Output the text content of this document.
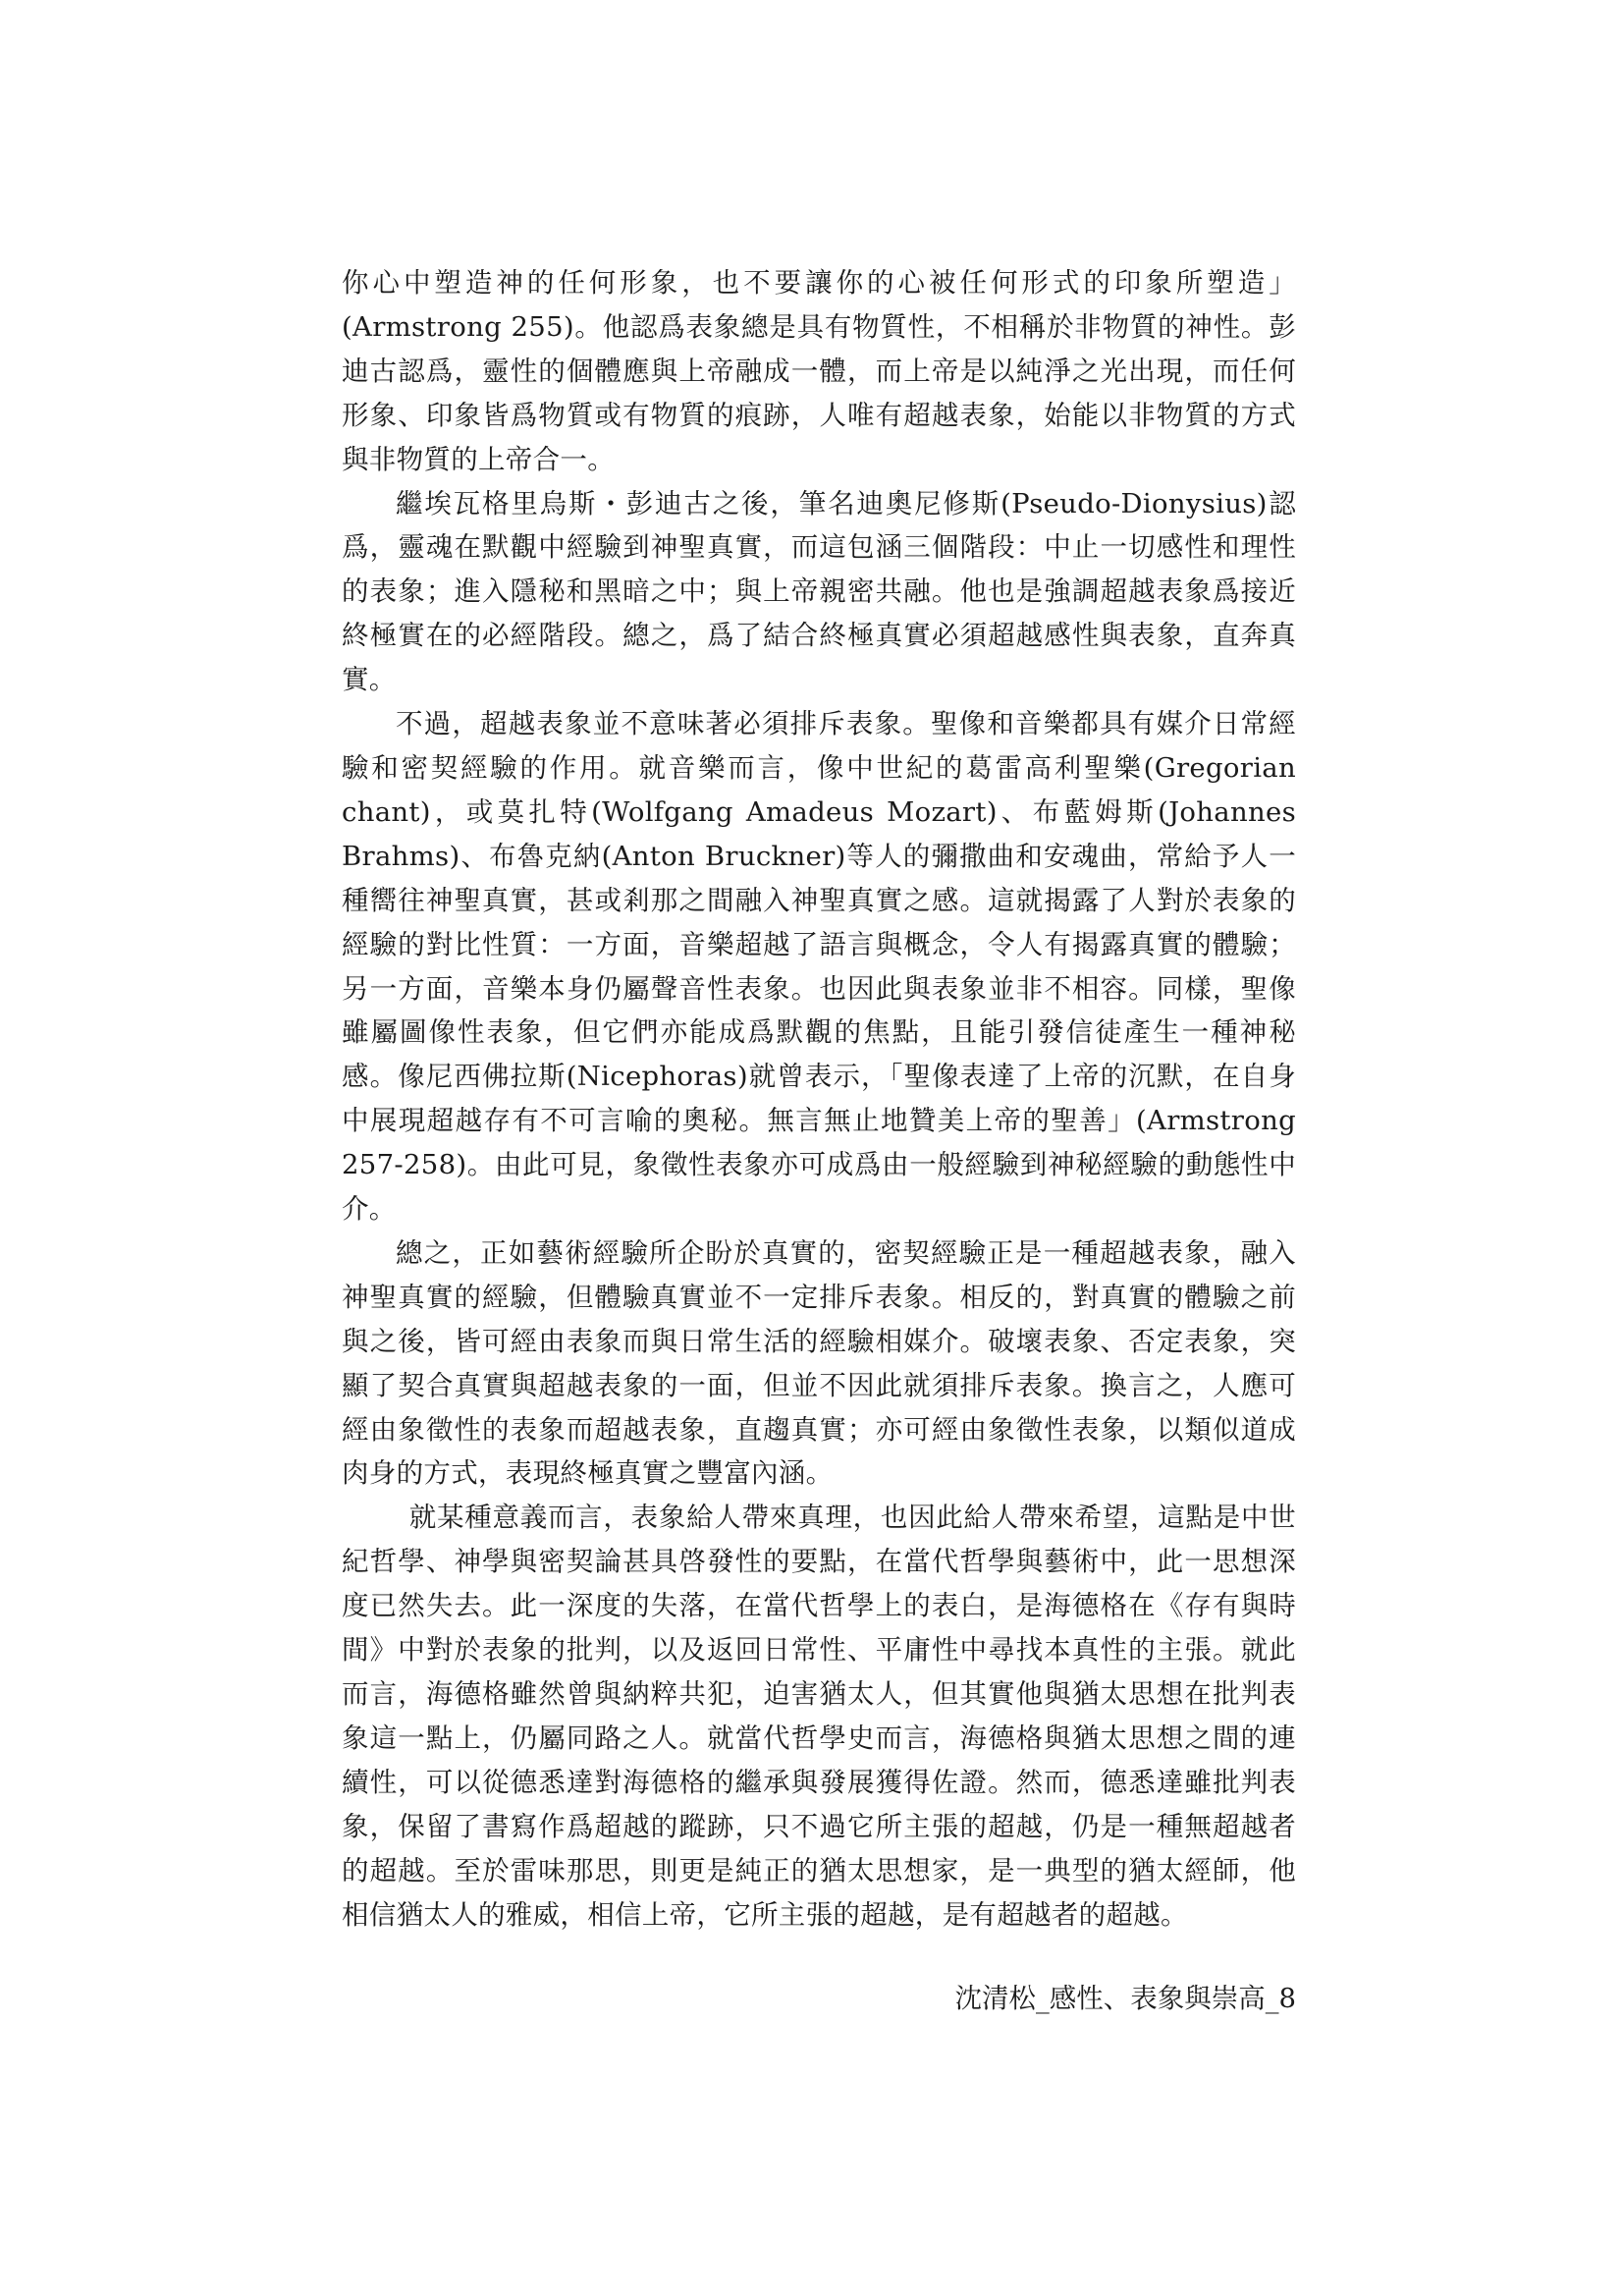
你心中塑造神的任何形象，也不要讓你的心被任何形式的印象所塑造」(Armstrong 255)。他認爲表象總是具有物質性，不相稱於非物質的神性。彭迪古認爲，靈性的個體應與上帝融成一體，而上帝是以純淨之光出現，而任何形象、印象皆爲物質或有物質的痕跡，人唯有超越表象，始能以非物質的方式與非物質的上帝合一。

繼埃瓦格里烏斯・彭迪古之後，筆名迪奧尼修斯(Pseudo-Dionysius)認爲，靈魂在默觀中經驗到神聖真實，而這包涵三個階段：中止一切感性和理性的表象；進入隱秘和黑暗之中；與上帝親密共融。他也是強調超越表象爲接近終極實在的必經階段。總之，爲了結合終極真實必須超越感性與表象，直奔真實。

不過，超越表象並不意味著必須排斥表象。聖像和音樂都具有媒介日常經驗和密契經驗的作用。就音樂而言，像中世紀的葛雷高利聖樂(Gregorian chant)，或莫扎特(Wolfgang Amadeus Mozart)、布藍姆斯(Johannes Brahms)、布魯克納(Anton Bruckner)等人的彌撒曲和安魂曲，常給予人一種嚮往神聖真實，甚或剎那之間融入神聖真實之感。這就揭露了人對於表象的經驗的對比性質：一方面，音樂超越了語言與概念，令人有揭露真實的體驗；另一方面，音樂本身仍屬聲音性表象。也因此與表象並非不相容。同樣，聖像雖屬圖像性表象，但它們亦能成爲默觀的焦點，且能引發信徒產生一種神秘感。像尼西佛拉斯(Nicephoras)就曾表示，「聖像表達了上帝的沉默，在自身中展現超越存有不可言喻的奧秘。無言無止地贊美上帝的聖善」(Armstrong 257-258)。由此可見，象徵性表象亦可成爲由一般經驗到神秘經驗的動態性中介。

總之，正如藝術經驗所企盼於真實的，密契經驗正是一種超越表象，融入神聖真實的經驗，但體驗真實並不一定排斥表象。相反的，對真實的體驗之前與之後，皆可經由表象而與日常生活的經驗相媒介。破壞表象、否定表象，突顯了契合真實與超越表象的一面，但並不因此就須排斥表象。換言之，人應可經由象徵性的表象而超越表象，直趨真實；亦可經由象徵性表象，以類似道成肉身的方式，表現終極真實之豐富內涵。

就某種意義而言，表象給人帶來真理，也因此給人帶來希望，這點是中世紀哲學、神學與密契論甚具啓發性的要點，在當代哲學與藝術中，此一思想深度已然失去。此一深度的失落，在當代哲學上的表白，是海德格在《存有與時間》中對於表象的批判，以及返回日常性、平庸性中尋找本真性的主張。就此而言，海德格雖然曾與納粹共犯，迫害猶太人，但其實他與猶太思想在批判表象這一點上，仍屬同路之人。就當代哲學史而言，海德格與猶太思想之間的連續性，可以從德悉達對海德格的繼承與發展獲得佐證。然而，德悉達雖批判表象，保留了書寫作爲超越的蹤跡，只不過它所主張的超越，仍是一種無超越者的超越。至於雷味那思，則更是純正的猶太思想家，是一典型的猶太經師，他相信猶太人的雅威，相信上帝，它所主張的超越，是有超越者的超越。

沈清松_感性、表象與崇高_8
